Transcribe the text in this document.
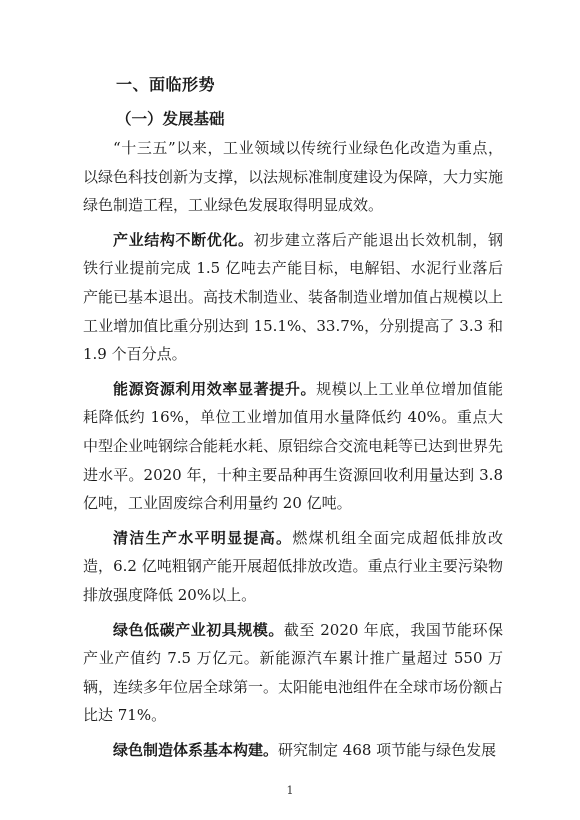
一、面临形势
（一）发展基础

“十三五”以来，工业领域以传统行业绿色化改造为重点，以绿色科技创新为支撑，以法规标准制度建设为保障，大力实施绿色制造工程，工业绿色发展取得明显成效。

产业结构不断优化。初步建立落后产能退出长效机制，钢铁行业提前完成 1.5 亿吨去产能目标，电解铝、水泥行业落后产能已基本退出。高技术制造业、装备制造业增加值占规模以上工业增加值比重分别达到 15.1%、33.7%，分别提高了 3.3 和 1.9 个百分点。

能源资源利用效率显著提升。规模以上工业单位增加值能耗降低约 16%，单位工业增加值用水量降低约 40%。重点大中型企业吨钢综合能耗水耗、原铝综合交流电耗等已达到世界先进水平。2020 年，十种主要品种再生资源回收利用量达到 3.8 亿吨，工业固废综合利用量约 20 亿吨。

清洁生产水平明显提高。燃煤机组全面完成超低排放改造，6.2 亿吨粗钢产能开展超低排放改造。重点行业主要污染物排放强度降低 20%以上。

绿色低碳产业初具规模。截至 2020 年底，我国节能环保产业产值约 7.5 万亿元。新能源汽车累计推广量超过 550 万辆，连续多年位居全球第一。太阳能电池组件在全球市场份额占比达 71%。

绿色制造体系基本构建。研究制定 468 项节能与绿色发展

1
